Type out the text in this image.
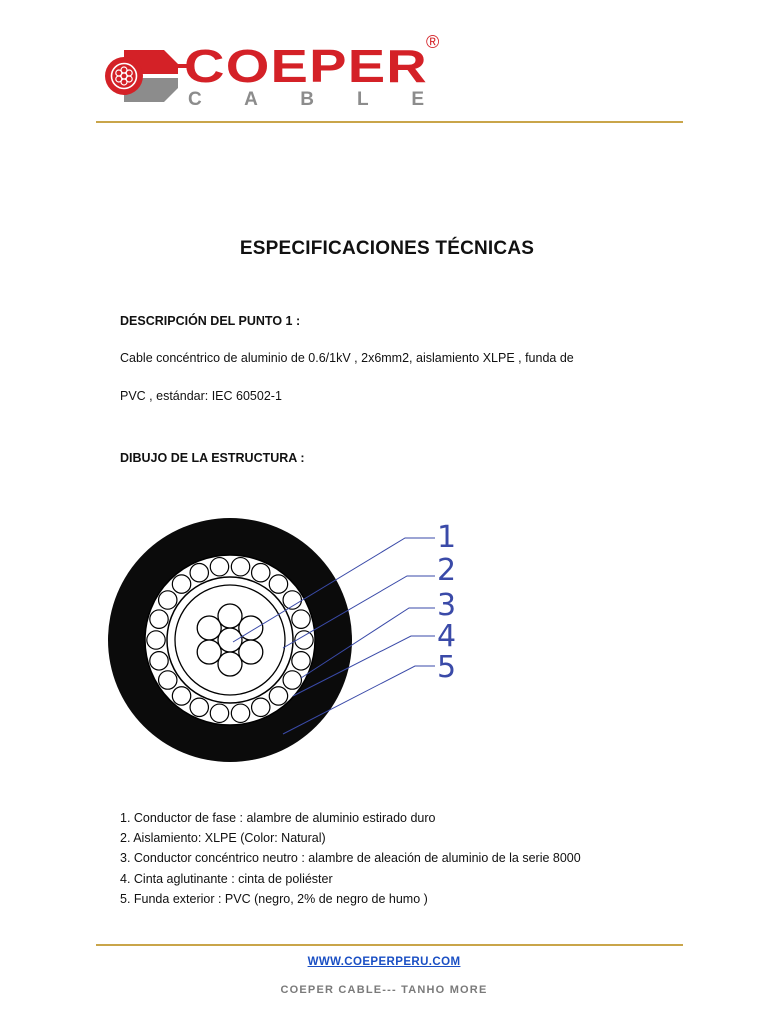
COEPER
C A B L E
®
ESPECIFICACIONES TÉCNICAS
DESCRIPCIÓN DEL PUNTO 1 :
Cable concéntrico de aluminio de 0.6/1kV , 2x6mm2, aislamiento XLPE , funda de
PVC , estándar: IEC 60502-1
DIBUJO DE LA ESTRUCTURA :
1
2
3
4
5
1. Conductor de fase : alambre de aluminio estirado duro
2. Aislamiento: XLPE (Color: Natural)
3. Conductor concéntrico neutro : alambre de aleación de aluminio de la serie 8000
4. Cinta aglutinante : cinta de poliéster
5. Funda exterior : PVC (negro, 2% de negro de humo )
WWW.COEPERPERU.COM
COEPER CABLE--- TANHO MORE
